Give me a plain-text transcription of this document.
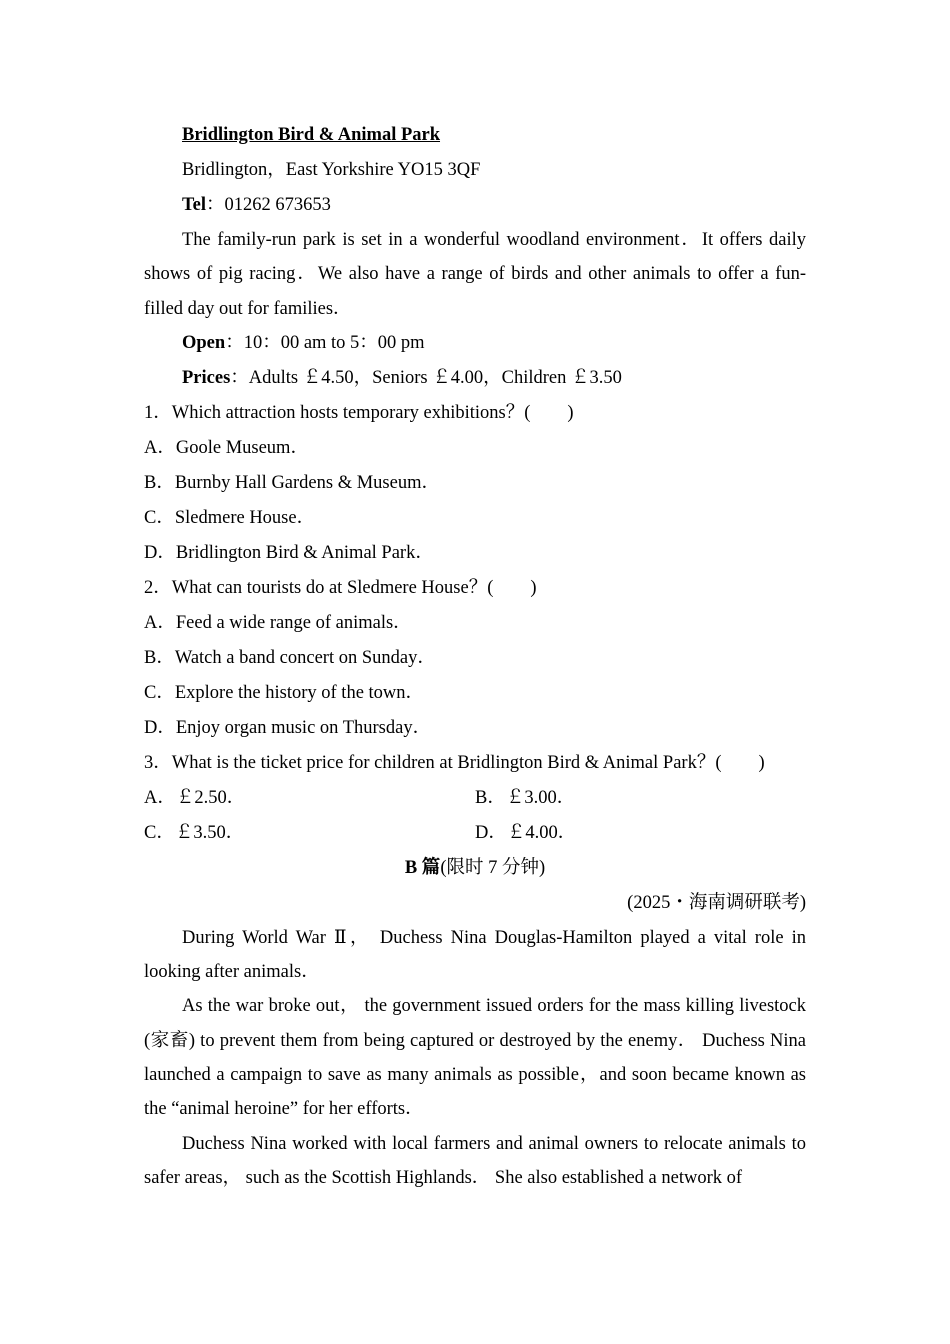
Bridlington Bird & Animal Park
Bridlington，East Yorkshire YO15 3QF
Tel：01262 673653

The family-run park is set in a wonderful woodland environment．It offers daily shows of pig racing．We also have a range of birds and other animals to offer a fun-filled day out for families．

Open：10：00 am to 5：00 pm
Prices：Adults ￡4.50，Seniors ￡4.00，Children ￡3.50
1．Which attraction hosts temporary exhibitions？(　　)
A．Goole Museum．
B．Burnby Hall Gardens & Museum．
C．Sledmere House．
D．Bridlington Bird & Animal Park．
2．What can tourists do at Sledmere House？(　　)
A．Feed a wide range of animals．
B．Watch a band concert on Sunday．
C．Explore the history of the town．
D．Enjoy organ music on Thursday．
3．What is the ticket price for children at Bridlington Bird & Animal Park？(　　)
A．￡2.50．	B．￡3.00．
C．￡3.50．	D．￡4.00．
B 篇(限时 7 分钟)
(2025・海南调研联考)

During World War Ⅱ， Duchess Nina Douglas-Hamilton played a vital role in looking after animals．

As the war broke out， the government issued orders for the mass killing livestock (家畜) to prevent them from being captured or destroyed by the enemy． Duchess Nina launched a campaign to save as many animals as possible，and soon became known as the “animal heroine” for her efforts．

Duchess Nina worked with local farmers and animal owners to relocate animals to safer areas， such as the Scottish Highlands． She also established a network of
